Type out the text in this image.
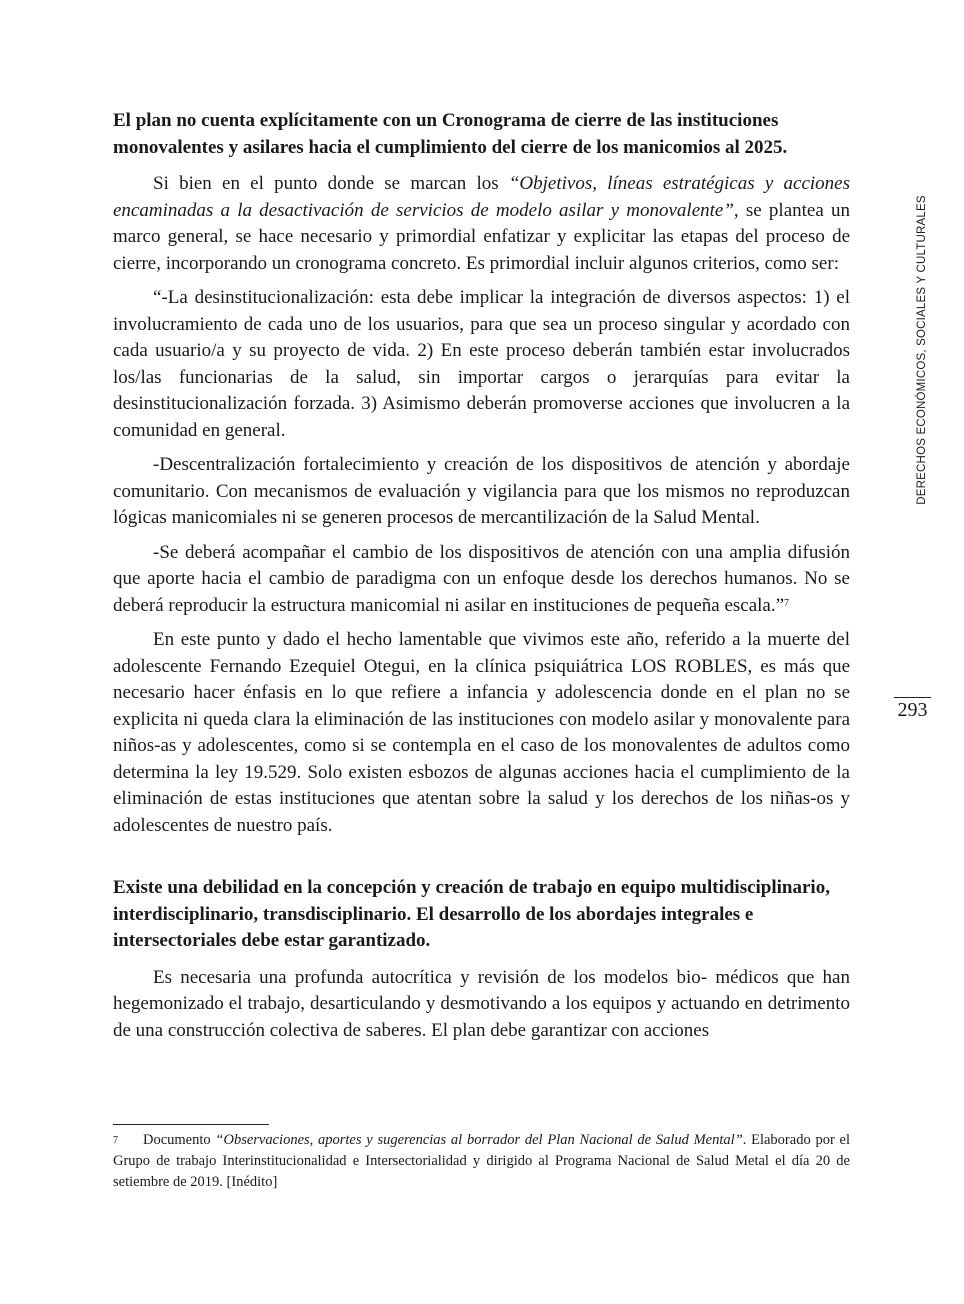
El plan no cuenta explícitamente con un Cronograma de cierre de las instituciones monovalentes y asilares hacia el cumplimiento del cierre de los manicomios al 2025.

Si bien en el punto donde se marcan los “Objetivos, líneas estratégicas y acciones encaminadas a la desactivación de servicios de modelo asilar y monovalente”, se plantea un marco general, se hace necesario y primordial enfatizar y explicitar las etapas del proceso de cierre, incorporando un cronograma concreto. Es primordial incluir algunos criterios, como ser:

“-La desinstitucionalización: esta debe implicar la integración de diversos aspectos: 1) el involucramiento de cada uno de los usuarios, para que sea un proceso singular y acordado con cada usuario/a y su proyecto de vida. 2) En este proceso deberán también estar involucrados los/las funcionarias de la salud, sin importar cargos o jerarquías para evitar la desinstitucionalización forzada. 3) Asimismo deberán promoverse acciones que involucren a la comunidad en general.

-Descentralización fortalecimiento y creación de los dispositivos de atención y abordaje comunitario. Con mecanismos de evaluación y vigilancia para que los mismos no reproduzcan lógicas manicomiales ni se generen procesos de mercantilización de la Salud Mental.

-Se deberá acompañar el cambio de los dispositivos de atención con una amplia difusión que aporte hacia el cambio de paradigma con un enfoque desde los derechos humanos. No se deberá reproducir la estructura manicomial ni asilar en instituciones de pequeña escala.”$^7$

En este punto y dado el hecho lamentable que vivimos este año, referido a la muerte del adolescente Fernando Ezequiel Otegui, en la clínica psiquiátrica LOS ROBLES, es más que necesario hacer énfasis en lo que refiere a infancia y adolescencia donde en el plan no se explicita ni queda clara la eliminación de las instituciones con modelo asilar y monovalente para niños-as y adolescentes, como si se contempla en el caso de los monovalentes de adultos como determina la ley 19.529. Solo existen esbozos de algunas acciones hacia el cumplimiento de la eliminación de estas instituciones que atentan sobre la salud y los derechos de los niñas-os y adolescentes de nuestro país.

Existe una debilidad en la concepción y creación de trabajo en equipo multidisciplinario, interdisciplinario, transdisciplinario. El desarrollo de los abordajes integrales e intersectoriales debe estar garantizado.

Es necesaria una profunda autocrítica y revisión de los modelos bio- médicos que han hegemonizado el trabajo, desarticulando y desmotivando a los equipos y actuando en detrimento de una construcción colectiva de saberes. El plan debe garantizar con acciones

7 Documento “Observaciones, aportes y sugerencias al borrador del Plan Nacional de Salud Mental”. Elaborado por el Grupo de trabajo Interinstitucionalidad e Intersectorialidad y dirigido al Programa Nacional de Salud Metal el día 20 de setiembre de 2019. [Inédito]

DERECHOS ECONÓMICOS, SOCIALES Y CULTURALES
293
